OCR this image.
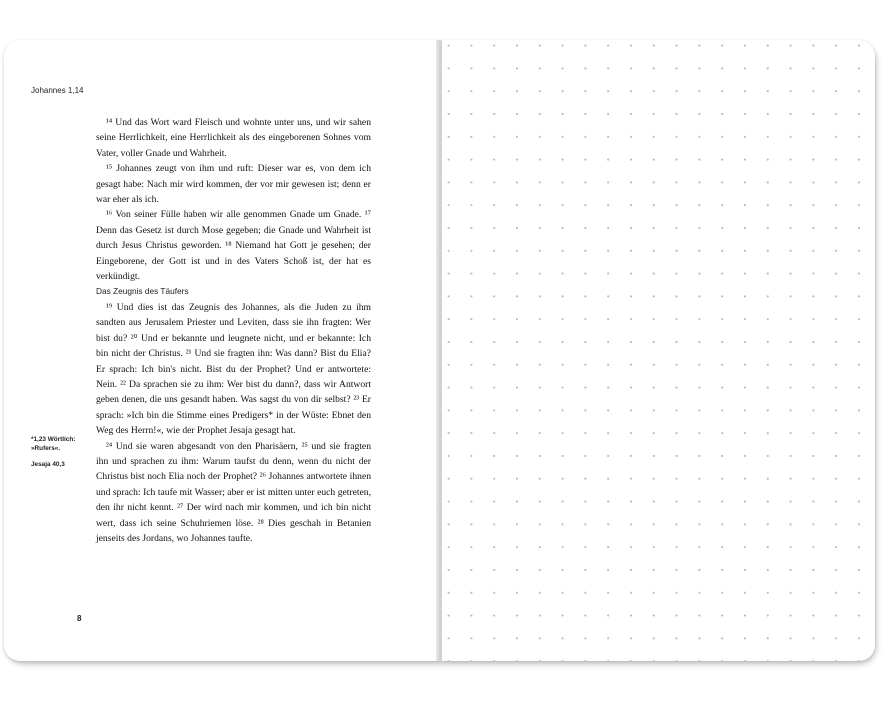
Johannes 1,14

¹⁴ Und das Wort ward Fleisch und wohnte unter uns, und wir sahen seine Herrlichkeit, eine Herrlichkeit als des eingeborenen Sohnes vom Vater, voller Gnade und Wahrheit.

¹⁵ Johannes zeugt von ihm und ruft: Dieser war es, von dem ich gesagt habe: Nach mir wird kommen, der vor mir gewesen ist; denn er war eher als ich.

¹⁶ Von seiner Fülle haben wir alle genommen Gnade um Gnade. ¹⁷ Denn das Gesetz ist durch Mose gegeben; die Gnade und Wahrheit ist durch Jesus Christus geworden. ¹⁸ Niemand hat Gott je gesehen; der Eingeborene, der Gott ist und in des Vaters Schoß ist, der hat es verkündigt.

Das Zeugnis des Täufers

¹⁹ Und dies ist das Zeugnis des Johannes, als die Juden zu ihm sandten aus Jerusalem Priester und Leviten, dass sie ihn fragten: Wer bist du? ²⁰ Und er bekannte und leugnete nicht, und er bekannte: Ich bin nicht der Christus. ²¹ Und sie fragten ihn: Was dann? Bist du Elia? Er sprach: Ich bin's nicht. Bist du der Prophet? Und er antwortete: Nein. ²² Da sprachen sie zu ihm: Wer bist du dann?, dass wir Antwort geben denen, die uns gesandt haben. Was sagst du von dir selbst? ²³ Er sprach: »Ich bin die Stimme eines Predigers* in der Wüste: Ebnet den Weg des Herrn!«, wie der Prophet Jesaja gesagt hat.

²⁴ Und sie waren abgesandt von den Pharisäern, ²⁵ und sie fragten ihn und sprachen zu ihm: Warum taufst du denn, wenn du nicht der Christus bist noch Elia noch der Prophet? ²⁶ Johannes antwortete ihnen und sprach: Ich taufe mit Wasser; aber er ist mitten unter euch getreten, den ihr nicht kennt. ²⁷ Der wird nach mir kommen, und ich bin nicht wert, dass ich seine Schuhriemen löse. ²⁸ Dies geschah in Betanien jenseits des Jordans, wo Johannes taufte.

*1,23 Wörtlich: »Rufers«.
Jesaja 40,3
8
